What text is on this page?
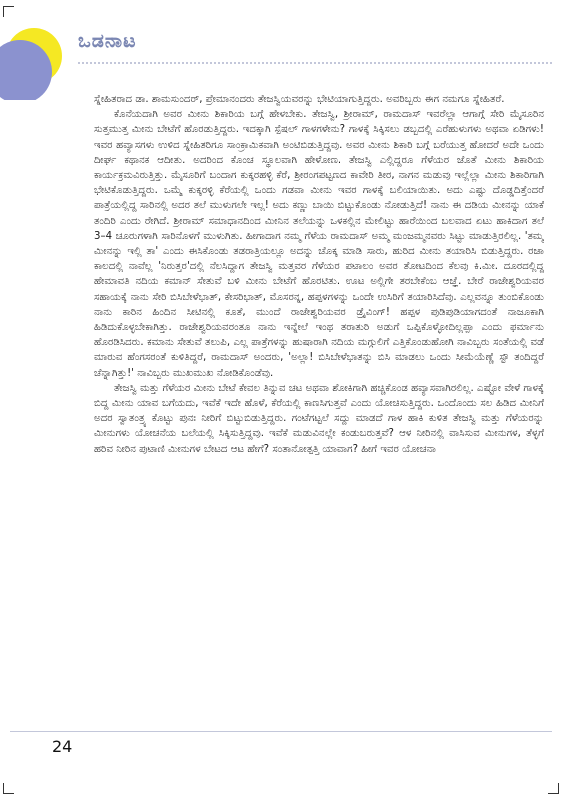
ಒಡನಾಟ

ಸ್ನೇಹಿತರಾದ ಡಾ. ಶಾಮಸುಂದರ್, ಪ್ರೇಮಾನಂದರು ತೇಜಸ್ವಿಯವರನ್ನು ಭೇಟಿಯಾಗುತ್ತಿದ್ದರು. ಅವರಿಬ್ಬರು ಈಗ ನಮಗೂ ಸ್ನೇಹಿತರೆ.

ಕೊನೆಯದಾಗಿ ಅವರ ಮೀನು ಶಿಕಾರಿಯ ಬಗ್ಗೆ ಹೇಳಬೇಕು. ತೇಜಸ್ವಿ, ಶ್ರೀರಾಮ್, ರಾಮದಾಸ್ ಇವರೆಲ್ಲಾ ಆಗಾಗ್ಗೆ ಸೇರಿ ಮೈಸೂರಿನ ಸುತ್ತಮುತ್ತ ಮೀನು ಬೇಟೆಗೆ ಹೊರಡುತ್ತಿದ್ದರು. ಇದಕ್ಕಾಗಿ ಸ್ಪೆಷಲ್ ಗಾಳಗಳೇನು? ಗಾಳಕ್ಕೆ ಸಿಕ್ಕಿಸಲು ಡಬ್ಬದಲ್ಲಿ ಎರೆಹುಳುಗಳು ಅಥವಾ ಏಡಿಗಳು! ಇವರ ಹವ್ಯಾಸಗಳು ಉಳಿದ ಸ್ನೇಹಿತರಿಗೂ ಸಾಂಕ್ರಾಮಿಕವಾಗಿ ಅಂಟಿಬಿಡುತ್ತಿದ್ದವು. ಅವರ ಮೀನು ಶಿಕಾರಿ ಬಗ್ಗೆ ಬರೆಯುತ್ತ ಹೋದರೆ ಅದೇ ಒಂದು ದೀರ್ಘ ಕಥಾನಕ ಆದೀತು. ಅದರಿಂದ ಕೊಂಚ ಸ್ಥೂಲವಾಗಿ ಹೇಳೋಣ. ತೇಜಸ್ವಿ ಎಲ್ಲಿದ್ದರೂ ಗೆಳೆಯರ ಜೊತೆ ಮೀನು ಶಿಕಾರಿಯ ಕಾರ್ಯಕ್ರಮವಿರುತ್ತಿತ್ತು. ಮೈಸೂರಿಗೆ ಬಂದಾಗ ಕುಕ್ಕರಹಳ್ಳಿ ಕೆರೆ, ಶ್ರೀರಂಗಪಟ್ಟಣದ ಕಾವೇರಿ ತೀರ, ನಾಗನ ಮಡುವು ಇಲ್ಲೆಲ್ಲಾ ಮೀನು ಶಿಕಾರಿಗಾಗಿ ಭೇಟಿಕೊಡುತ್ತಿದ್ದರು. ಒಮ್ಮೆ ಕುಕ್ಕರಳ್ಳಿ ಕೆರೆಯಲ್ಲಿ ಒಂದು ಗಡವಾ ಮೀನು ಇವರ ಗಾಳಕ್ಕೆ ಬಲಿಯಾಯಿತು. ಅದು ಎಷ್ಟು ದೊಡ್ಡದಿತ್ತೆಂದರೆ ಪಾತ್ರೆಯಲ್ಲಿದ್ದ ಸಾರಿನಲ್ಲಿ ಅದರ ತಲೆ ಮುಳುಗಲೇ ಇಲ್ಲ! ಅದು ಕಣ್ಣು ಬಾಯಿ ಬಿಟ್ಟುಕೊಂಡು ನೋಡುತ್ತಿದೆ! ನಾನು ಈ ದಡಿಯ ಮೀನನ್ನು ಯಾಕೆ ತಂದಿರಿ ಎಂದು ರೇಗಿದೆ. ಶ್ರೀರಾಮ್ ಸಮಾಧಾನದಿಂದ ಮೀನಿನ ತಲೆಯನ್ನು ಒಳಕಲ್ಲಿನ ಮೇಲಿಟ್ಟು ಹಾರೆಯಿಂದ ಬಲವಾದ ಏಟು ಹಾಕಿದಾಗ ತಲೆ 3–4 ಚೂರುಗಳಾಗಿ ಸಾರಿನೊಳಗೆ ಮುಳುಗಿತು. ಹೀಗಾದಾಗ ನಮ್ಮ ಗೆಳೆಯ ರಾಮದಾಸ್ ಅಮ್ಮ ಮಂಜಮ್ಮನವರು ಸಿಟ್ಟು ಮಾಡುತ್ತಿರಲಿಲ್ಲ. 'ತಮ್ಮ ಮೀನನ್ನು ಇಲ್ಲಿ ತಾ' ಎಂದು ಈಸಿಕೊಂಡು ತಡರಾತ್ರಿಯಲ್ಲೂ ಅದನ್ನು ಚೊಕ್ಕ ಮಾಡಿ ಸಾರು, ಹುರಿದ ಮೀನು ತಯಾರಿಸಿ ಬಿಡುತ್ತಿದ್ದರು. ರಜಾ ಕಾಲದಲ್ಲಿ ನಾವೆಲ್ಲ 'ನಿರುತ್ತರ'ದಲ್ಲಿ ನೆಲಸಿದ್ದಾಗ ತೇಜಸ್ವಿ ಮತ್ತವರ ಗೆಳೆಯರ ಪಟಾಲಂ ಅವರ ತೋಟದಿಂದ ಕೆಲವು ಕಿ.ಮೀ. ದೂರದಲ್ಲಿದ್ದ ಹೇಮಾವತಿ ನದಿಯ ಕಮಾನ್ ಸೇತುವೆ ಬಳಿ ಮೀನು ಬೇಟೆಗೆ ಹೊರಟಿತು. ಊಟ ಅಲ್ಲಿಗೇ ತರಬೇಕೆಂಬ ಆಜ್ಞೆ. ಬೇರೆ ರಾಜೇಶ್ವರಿಯವರ ಸಹಾಯಕ್ಕೆ ನಾನು ಸೇರಿ ಬಿಸಿಬೇಳೆಭಾತ್, ಕೇಸರಿಭಾತ್, ಮೊಸರನ್ನ, ಹಪ್ಪಳಗಳನ್ನು ಒಂದೇ ಉಸಿರಿಗೆ ತಯಾರಿಸಿದೆವು. ಎಲ್ಲವನ್ನೂ ತುಂಬಿಕೊಂಡು ನಾನು ಕಾರಿನ ಹಿಂದಿನ ಸೀಟಿನಲ್ಲಿ ಕೂತೆ, ಮುಂದೆ ರಾಜೇಶ್ವರಿಯವರ ಡ್ರೈವಿಂಗ್! ಹಪ್ಪಳ ಪುಡಿಪುಡಿಯಾಗದಂತೆ ನಾಜೂಕಾಗಿ ಹಿಡಿದುಕೊಳ್ಳಬೇಕಾಗಿತ್ತು. ರಾಜೇಶ್ವರಿಯವರಂತೂ ನಾನು ಇನ್ನೇಲೆ ಇಂಥ ತರಾತುರಿ ಅಡುಗೆ ಒಪ್ಪಿಕೊಳ್ಳೋದಿಲ್ಲಪ್ಪಾ ಎಂದು ಫರ್ಮಾನು ಹೊರಡಿಸಿದರು. ಕಮಾನು ಸೇತುವೆ ತಲುಪಿ, ಎಲ್ಲ ಪಾತ್ರೆಗಳನ್ನು ಹುಷಾರಾಗಿ ನದಿಯ ಮಗ್ಗುಲಿಗೆ ಎತ್ತಿಕೊಂಡುಹೋಗಿ ನಾವಿಬ್ಬರು ಸಂತೆಯಲ್ಲಿ ವಡೆ ಮಾರುವ ಹೆಂಗಸರಂತೆ ಕುಳಿತಿದ್ದರೆ, ರಾಮದಾಸ್ ಅಂದರು, 'ಅಲ್ಲಾ! ಬಿಸಿಬೇಳೆಭಾತನ್ನು ಬಿಸಿ ಮಾಡಲು ಒಂದು ಸೀಮೆಯೆಣ್ಣೆ ಸ್ಟೌ ತಂದಿದ್ದರೆ ಚೆನ್ನಾಗಿತ್ತು!' ನಾವಿಬ್ಬರು ಮುಖಮುಖ ನೋಡಿಕೊಂಡೆವು.

ತೇಜಸ್ವಿ ಮತ್ತು ಗೆಳೆಯರ ಮೀನು ಬೇಟೆ ಕೇವಲ ತಿನ್ನುವ ಚಟ ಅಥವಾ ಶೋಕಿಗಾಗಿ ಹಚ್ಚಿಕೊಂಡ ಹವ್ಯಾಸವಾಗಿರಲಿಲ್ಲ. ಎಷ್ಟೋ ವೇಳೆ ಗಾಳಕ್ಕೆ ಬಿದ್ದ ಮೀನು ಯಾವ ಬಗೆಯದು, ಇವೆಕೆ ಇದೇ ಹೊಳೆ, ಕೆರೆಯಲ್ಲಿ ಕಾಣಸಿಗುತ್ತವೆ ಎಂದು ಯೋಚಿಸುತ್ತಿದ್ದರು. ಒಂದೊಂದು ಸಲ ಹಿಡಿದ ಮೀನಿಗೆ ಅದರ ಸ್ವಾತಂತ್ರ್ಯ ಕೊಟ್ಟು ಪುನಃ ನೀರಿಗೆ ಬಿಟ್ಟುಬಿಡುತ್ತಿದ್ದರು. ಗಂಟೆಗಟ್ಟಲೆ ಸದ್ದು ಮಾಡದೆ ಗಾಳ ಹಾಕಿ ಕುಳಿತ ತೇಜಸ್ವಿ ಮತ್ತು ಗೆಳೆಯರನ್ನು ಮೀನುಗಳು ಯೋಚನೆಯ ಬಲೆಯಲ್ಲಿ ಸಿಕ್ಕಿಸುತ್ತಿದ್ದವು. ಇವೆಕೆ ಮಡುವಿನಲ್ಲೇ ಕಂಡುಬರುತ್ತವೆ? ಆಳ ನೀರಿನಲ್ಲಿ ವಾಸಿಸುವ ಮೀನುಗಳ, ತೆಳ್ಳಗೆ ಹರಿವ ನೀರಿನ ಪುಟಾಣಿ ಮೀನುಗಳ ಬೇಟದ ಆಟ ಹೇಗೆ? ಸಂತಾನೋತ್ಪತ್ತಿ ಯಾವಾಗ? ಹೀಗೆ ಇವರ ಯೋಚನಾ

24
